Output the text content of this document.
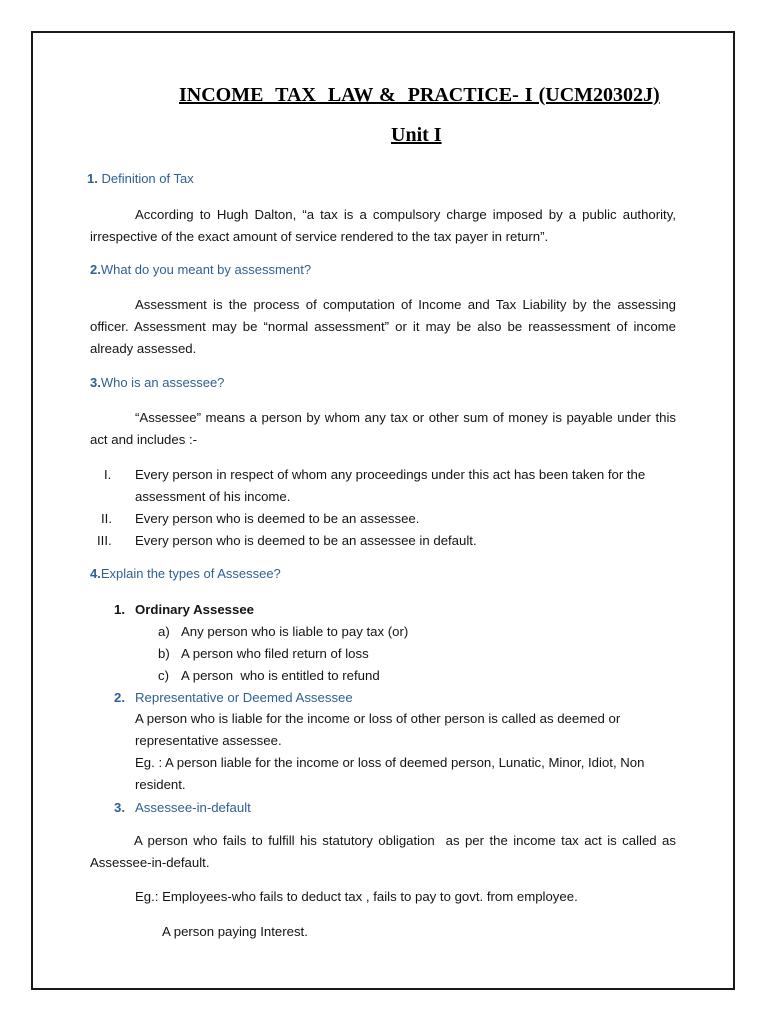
INCOME  TAX  LAW &  PRACTICE- I (UCM20302J)
Unit I
1. Definition of Tax
According to Hugh Dalton, “a tax is a compulsory charge imposed by a public authority, irrespective of the exact amount of service rendered to the tax payer in return”.
2.What do you meant by assessment?
Assessment is the process of computation of Income and Tax Liability by the assessing officer. Assessment may be “normal assessment” or it may be also be reassessment of income already assessed.
3.Who is an assessee?
“Assessee” means a person by whom any tax or other sum of money is payable under this act and includes :-
I. Every person in respect of whom any proceedings under this act has been taken for the assessment of his income.
II. Every person who is deemed to be an assessee.
III. Every person who is deemed to be an assessee in default.
4.Explain the types of Assessee?
1. Ordinary Assessee
a) Any person who is liable to pay tax (or)
b) A person who filed return of loss
c) A person  who is entitled to refund
2. Representative or Deemed Assessee
A person who is liable for the income or loss of other person is called as deemed or representative assessee.
Eg. : A person liable for the income or loss of deemed person, Lunatic, Minor, Idiot, Non resident.
3. Assessee-in-default
A person who fails to fulfill his statutory obligation  as per the income tax act is called as Assessee-in-default.
Eg.: Employees-who fails to deduct tax , fails to pay to govt. from employee.
A person paying Interest.
